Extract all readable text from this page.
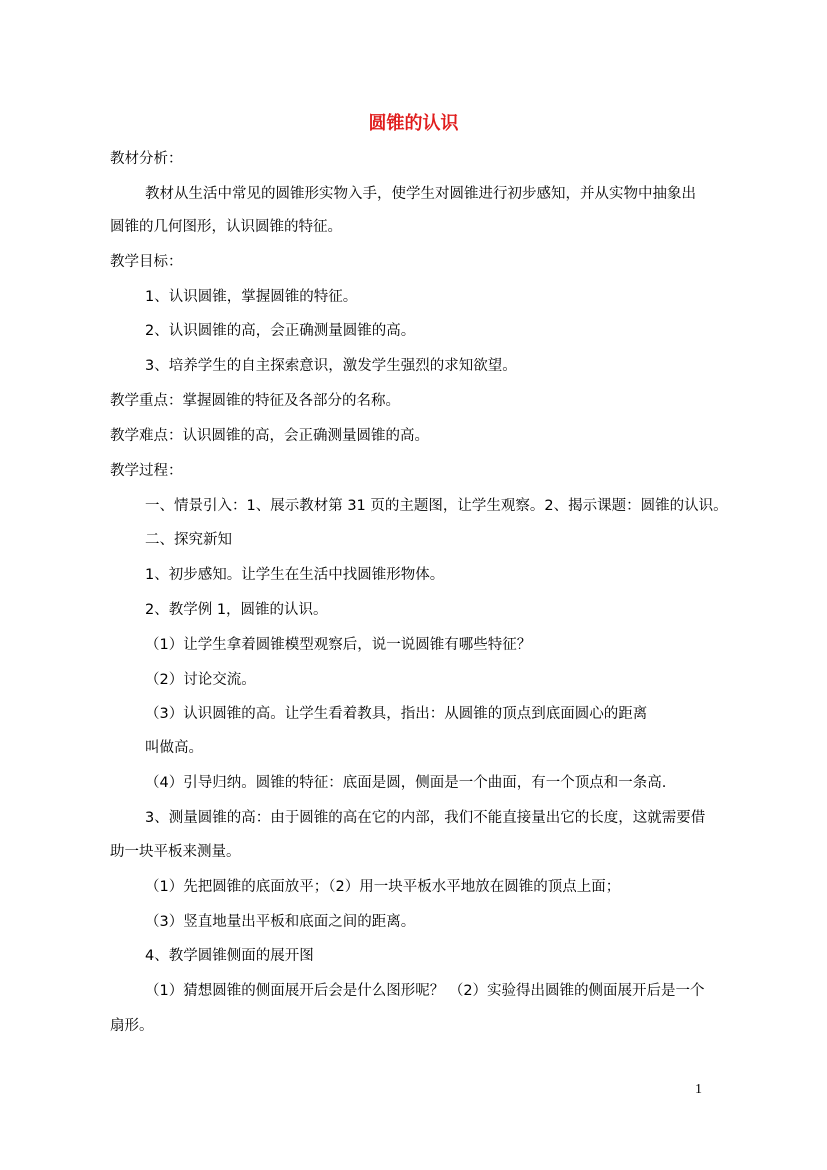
圆锥的认识
教材分析：
教材从生活中常见的圆锥形实物入手，使学生对圆锥进行初步感知，并从实物中抽象出
圆锥的几何图形，认识圆锥的特征。
教学目标：
1、认识圆锥，掌握圆锥的特征。
2、认识圆锥的高，会正确测量圆锥的高。
3、培养学生的自主探索意识，激发学生强烈的求知欲望。
教学重点：掌握圆锥的特征及各部分的名称。
教学难点：认识圆锥的高，会正确测量圆锥的高。
教学过程：
一、情景引入：1、展示教材第 31 页的主题图，让学生观察。2、揭示课题：圆锥的认识。
二、探究新知
1、初步感知。让学生在生活中找圆锥形物体。
2、教学例 1，圆锥的认识。
（1）让学生拿着圆锥模型观察后，说一说圆锥有哪些特征？
（2）讨论交流。
（3）认识圆锥的高。让学生看着教具，指出：从圆锥的顶点到底面圆心的距离
叫做高。
（4）引导归纳。圆锥的特征：底面是圆，侧面是一个曲面，有一个顶点和一条高.
3、测量圆锥的高：由于圆锥的高在它的内部，我们不能直接量出它的长度，这就需要借
助一块平板来测量。
（1）先把圆锥的底面放平；（2）用一块平板水平地放在圆锥的顶点上面；
（3）竖直地量出平板和底面之间的距离。
4、教学圆锥侧面的展开图
（1）猜想圆锥的侧面展开后会是什么图形呢？ （2）实验得出圆锥的侧面展开后是一个
扇形。
1
